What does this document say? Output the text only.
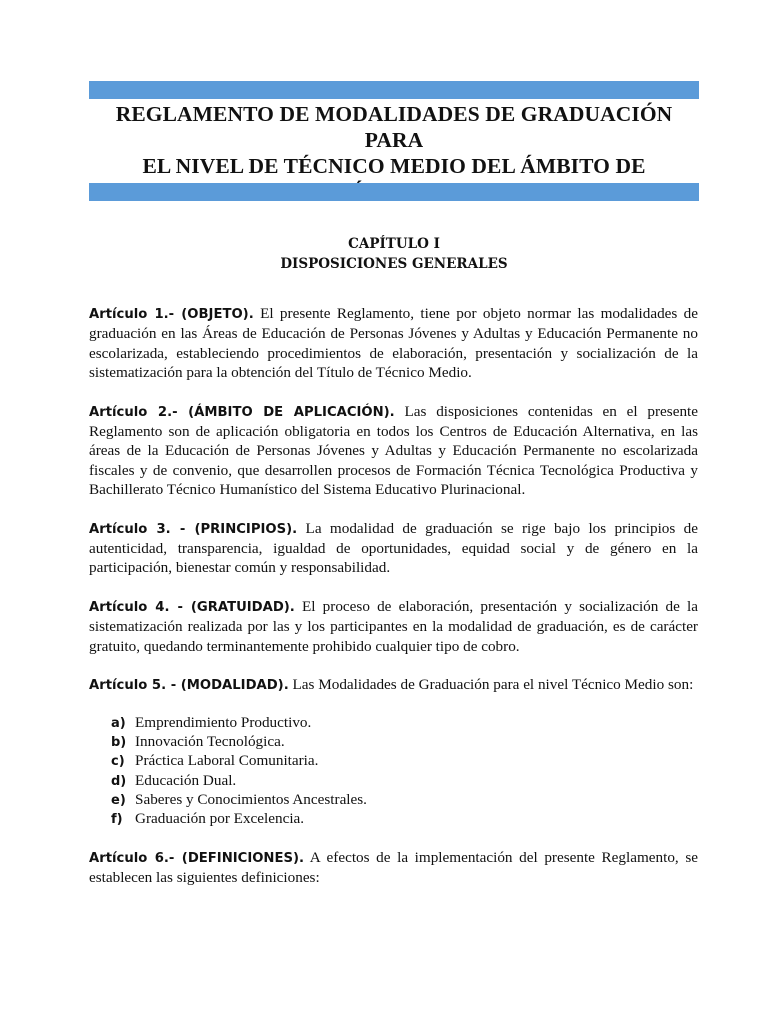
REGLAMENTO DE MODALIDADES DE GRADUACIÓN PARA
EL NIVEL DE TÉCNICO MEDIO DEL ÁMBITO DE
CAPÍTULO I
DISPOSICIONES GENERALES

Artículo 1.- (OBJETO). El presente Reglamento, tiene por objeto normar las modalidades de graduación en las Áreas de Educación de Personas Jóvenes y Adultas y Educación Permanente no escolarizada, estableciendo procedimientos de elaboración, presentación y socialización de la sistematización para la obtención del Título de Técnico Medio.

Artículo 2.- (ÁMBITO DE APLICACIÓN). Las disposiciones contenidas en el presente Reglamento son de aplicación obligatoria en todos los Centros de Educación Alternativa, en las áreas de la Educación de Personas Jóvenes y Adultas y Educación Permanente no escolarizada fiscales y de convenio, que desarrollen procesos de Formación Técnica Tecnológica Productiva y Bachillerato Técnico Humanístico del Sistema Educativo Plurinacional.

Artículo 3. - (PRINCIPIOS). La modalidad de graduación se rige bajo los principios de autenticidad, transparencia, igualdad de oportunidades, equidad social y de género en la participación, bienestar común y responsabilidad.

Artículo 4. - (GRATUIDAD). El proceso de elaboración, presentación y socialización de la sistematización realizada por las y los participantes en la modalidad de graduación, es de carácter gratuito, quedando terminantemente prohibido cualquier tipo de cobro.

Artículo 5. - (MODALIDAD). Las Modalidades de Graduación para el nivel Técnico Medio son:

a) Emprendimiento Productivo.
b) Innovación Tecnológica.
c) Práctica Laboral Comunitaria.
d) Educación Dual.
e) Saberes y Conocimientos Ancestrales.
f) Graduación por Excelencia.

Artículo 6.- (DEFINICIONES). A efectos de la implementación del presente Reglamento, se establecen las siguientes definiciones:
